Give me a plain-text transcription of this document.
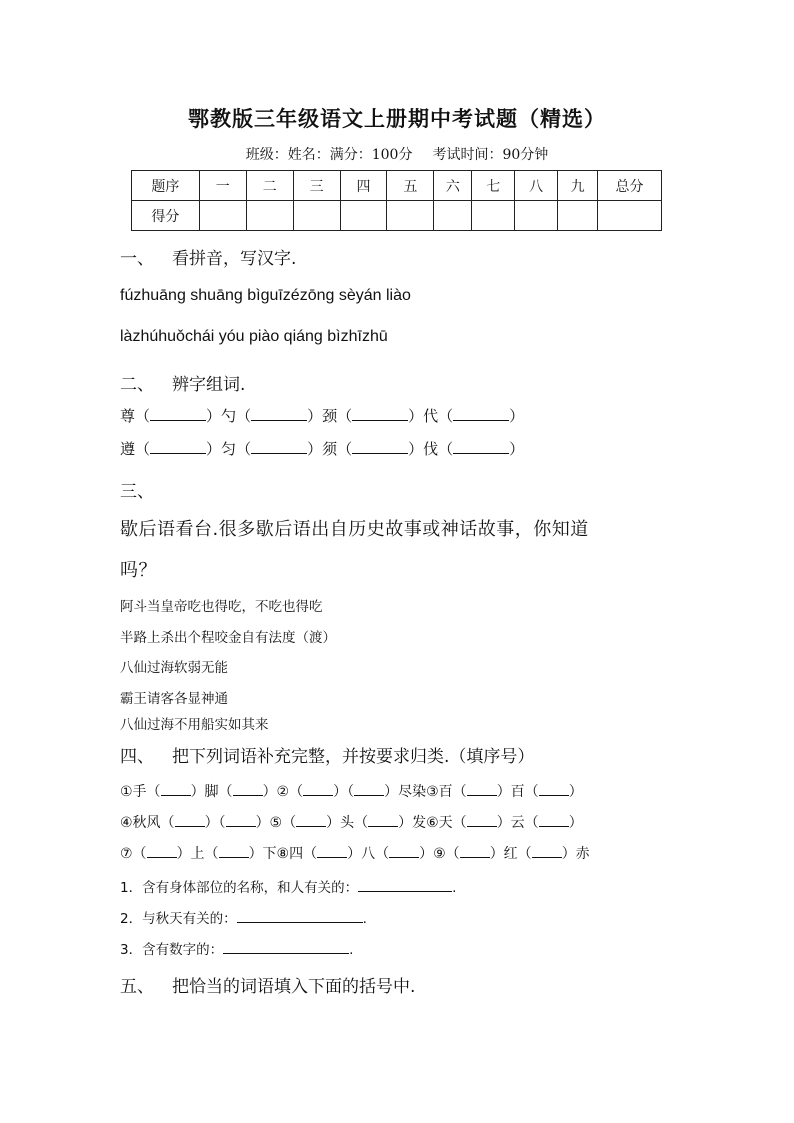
鄂教版三年级语文上册期中考试题（精选）
班级：姓名：满分：100分 考试时间：90分钟
题序	一	二	三	四	五	六	七	八	九	总分
得分										
一、 看拼音，写汉字.
fúzhuāng shuāng bìguīzézōng sèyán liào
làzhúhuǒchái yóu piào qiáng bìzhīzhū
二、 辨字组词.
尊（	）勺（	）颈（	）代（	）
遵（	）匀（	）须（	）伐（	）
三、
歇后语看台.很多歇后语出自历史故事或神话故事，你知道
吗？
阿斗当皇帝吃也得吃，不吃也得吃
半路上杀出个程咬金自有法度（渡）
八仙过海软弱无能
霸王请客各显神通
八仙过海不用船实如其来
四、 把下列词语补充完整，并按要求归类.（填序号）
①手（ ）脚（ ）②（ ）（ ）尽染③百（ ）百（ ）
④秋风（ ）（ ）⑤（ ）头（ ）发⑥天（ ）云（ ）
⑦（ ）上（ ）下⑧四（ ）八（ ）⑨（ ）红（ ）赤
1．含有身体部位的名称，和人有关的：	.
2．与秋天有关的：	.
3．含有数字的：	.
五、 把恰当的词语填入下面的括号中.
